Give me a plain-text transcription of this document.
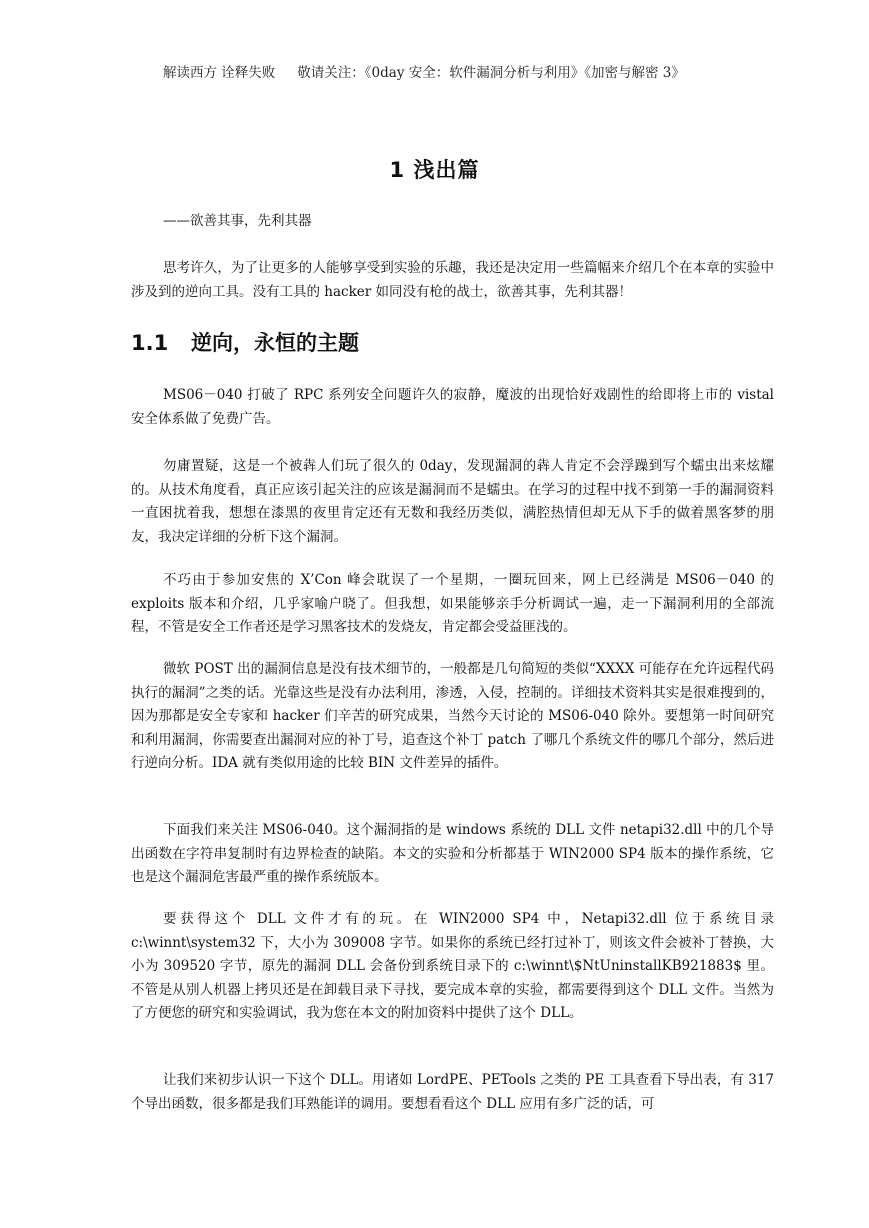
解读西方 诠释失败 敬请关注：《0day 安全：软件漏洞分析与利用》《加密与解密 3》
1 浅出篇
——欲善其事，先利其器

思考许久，为了让更多的人能够享受到实验的乐趣，我还是决定用一些篇幅来介绍几个在本章的实验中涉及到的逆向工具。没有工具的 hacker 如同没有枪的战士，欲善其事，先利其器！

1.1 逆向，永恒的主题

MS06－040 打破了 RPC 系列安全问题许久的寂静，魔波的出现恰好戏剧性的给即将上市的 vistal 安全体系做了免费广告。

勿庸置疑，这是一个被犇人们玩了很久的 0day，发现漏洞的犇人肯定不会浮躁到写个蠕虫出来炫耀的。从技术角度看，真正应该引起关注的应该是漏洞而不是蠕虫。在学习的过程中找不到第一手的漏洞资料一直困扰着我，想想在漆黑的夜里肯定还有无数和我经历类似，满腔热情但却无从下手的做着黑客梦的朋友，我决定详细的分析下这个漏洞。

不巧由于参加安焦的 X’Con 峰会耽误了一个星期，一圈玩回来，网上已经满是 MS06－040 的 exploits 版本和介绍，几乎家喻户晓了。但我想，如果能够亲手分析调试一遍，走一下漏洞利用的全部流程，不管是安全工作者还是学习黑客技术的发烧友，肯定都会受益匪浅的。

微软 POST 出的漏洞信息是没有技术细节的，一般都是几句简短的类似“XXXX 可能存在允许远程代码执行的漏洞”之类的话。光靠这些是没有办法利用，渗透，入侵，控制的。详细技术资料其实是很难搜到的，因为那都是安全专家和 hacker 们辛苦的研究成果，当然今天讨论的 MS06-040 除外。要想第一时间研究和利用漏洞，你需要查出漏洞对应的补丁号，追查这个补丁 patch 了哪几个系统文件的哪几个部分，然后进行逆向分析。IDA 就有类似用途的比较 BIN 文件差异的插件。

下面我们来关注 MS06-040。这个漏洞指的是 windows 系统的 DLL 文件 netapi32.dll 中的几个导出函数在字符串复制时有边界检查的缺陷。本文的实验和分析都基于 WIN2000 SP4 版本的操作系统，它也是这个漏洞危害最严重的操作系统版本。

要获得这个 DLL 文件才有的玩。在 WIN2000 SP4 中，Netapi32.dll 位于系统目录 c:\winnt\system32 下，大小为 309008 字节。如果你的系统已经打过补丁，则该文件会被补丁替换，大小为 309520 字节，原先的漏洞 DLL 会备份到系统目录下的 c:\winnt\$NtUninstallKB921883$ 里。不管是从别人机器上拷贝还是在卸载目录下寻找，要完成本章的实验，都需要得到这个 DLL 文件。当然为了方便您的研究和实验调试，我为您在本文的附加资料中提供了这个 DLL。

让我们来初步认识一下这个 DLL。用诸如 LordPE、PETools 之类的 PE 工具查看下导出表，有 317 个导出函数，很多都是我们耳熟能详的调用。要想看看这个 DLL 应用有多广泛的话，可
